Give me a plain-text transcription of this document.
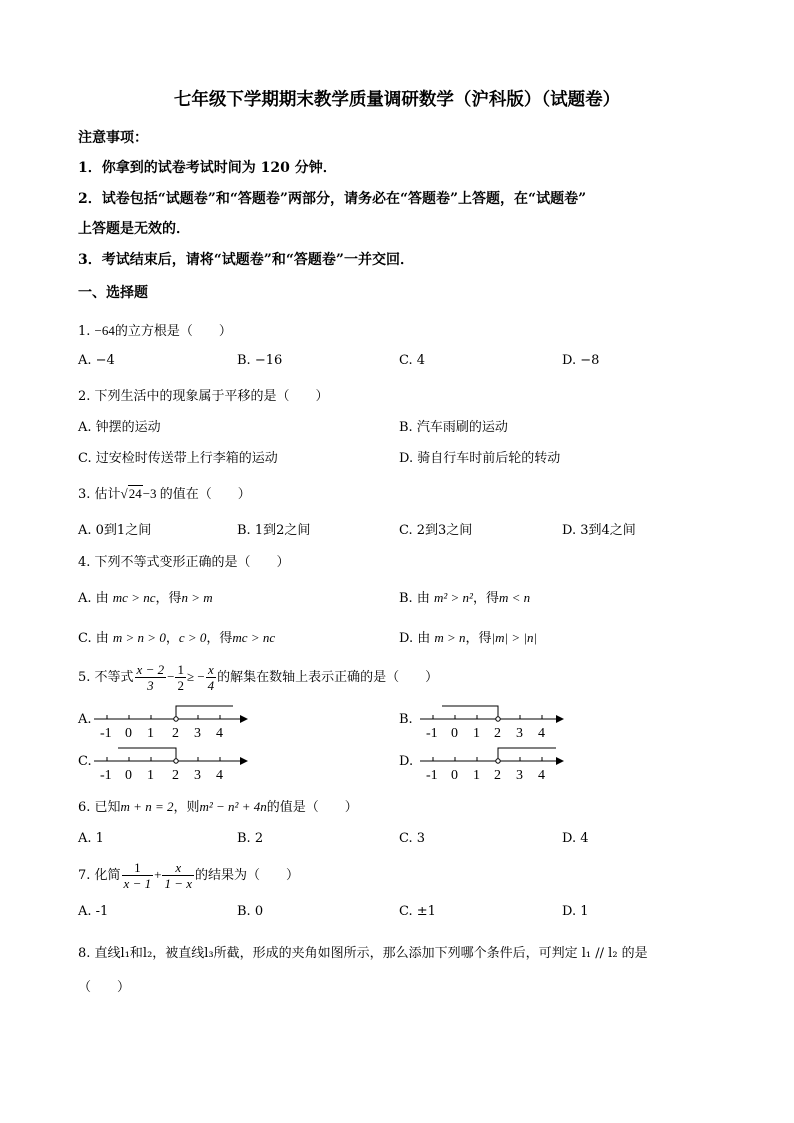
七年级下学期期末教学质量调研数学（沪科版）（试题卷）
注意事项：
1．你拿到的试卷考试时间为 120 分钟．
2．试卷包括“试题卷”和“答题卷”两部分，请务必在“答题卷”上答题，在“试题卷”
上答题是无效的．
3．考试结束后，请将“试题卷”和“答题卷”一并交回．
一、选择题
1. −64的立方根是（　　）
A. −4	B. −16	C. 4	D. −8
2. 下列生活中的现象属于平移的是（　　）
A. 钟摆的运动	B. 汽车雨刷的运动
C. 过安检时传送带上行李箱的运动	D. 骑自行车时前后轮的转动
3. 估计√24−3 的值在（　　）
A. 0到1之间	B. 1到2之间	C. 2到3之间	D. 3到4之间
4. 下列不等式变形正确的是（　　）
A. 由 mc > nc，得n > m	B. 由 m² > n²，得m < n
C. 由 m > n > 0，c > 0，得mc > nc	D. 由 m > n，得|m| > |n|
5. 不等式 $\frac{x - 2}{3} - \frac{1}{2}$ ≥ − $\frac{x}{4}$ 的解集在数轴上表示正确的是（　　）
A.	B.
C.	D.
-1 0 1 2 3 4	-1 0 1 2 3 4
-1 0 1 2 3 4	-1 0 1 2 3 4
6. 已知m + n = 2，则m² − n² + 4n的值是（　　）
A. 1	B. 2	C. 3	D. 4
7. 化简 $\frac{1}{x - 1} + \frac{x}{1 - x}$ 的结果为（　　）
A. -1	B. 0	C. ±1	D. 1
8. 直线l₁和l₂，被直线l₃所截，形成的夹角如图所示，那么添加下列哪个条件后，可判定 l₁ // l₂ 的是
（　　）
